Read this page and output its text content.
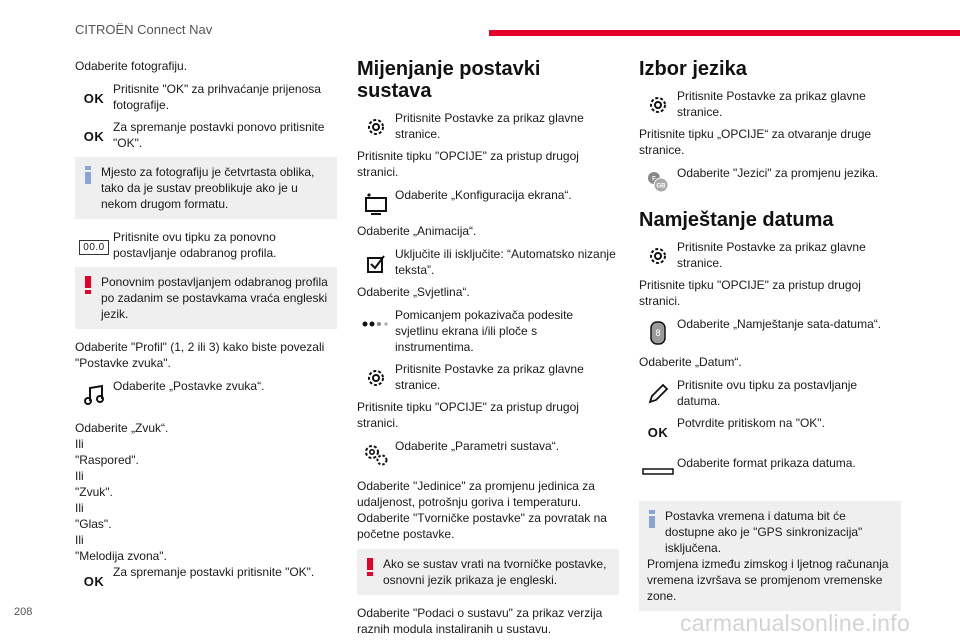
CITROËN Connect Nav

Odaberite fotografiju.

OK
Pritisnite "OK" za prihvaćanje prijenosa fotografije.
OK
Za spremanje postavki ponovo pritisnite "OK".
Mjesto za fotografiju je četvrtasta oblika, tako da je sustav preoblikuje ako je u nekom drugom formatu.
00.0
Pritisnite ovu tipku za ponovno postavljanje odabranog profila.
Ponovnim postavljanjem odabranog profila po zadanim se postavkama vraća engleski jezik.

Odaberite "Profil" (1, 2 ili 3) kako biste povezali "Postavke zvuka".

Odaberite „Postavke zvuka“.

Odaberite „Zvuk“.

Ili

"Raspored".

Ili

"Zvuk".

Ili

"Glas".

Ili

"Melodija zvona".

OK
Za spremanje postavki pritisnite "OK".
Mijenjanje postavki sustava
Pritisnite Postavke za prikaz glavne stranice.

Pritisnite tipku "OPCIJE" za pristup drugoj stranici.

Odaberite „Konfiguracija ekrana“.

Odaberite „Animacija“.

Uključite ili isključite: “Automatsko nizanje teksta”.

Odaberite „Svjetlina“.

Pomicanjem pokazivača podesite svjetlinu ekrana i/ili ploče s instrumentima.
Pritisnite Postavke za prikaz glavne stranice.

Pritisnite tipku "OPCIJE" za pristup drugoj stranici.

Odaberite „Parametri sustava“.

Odaberite "Jedinice" za promjenu jedinica za udaljenost, potrošnju goriva i temperaturu. Odaberite "Tvorničke postavke" za povratak na početne postavke.

Ako se sustav vrati na tvorničke postavke, osnovni jezik prikaza je engleski.

Odaberite "Podaci o sustavu" za prikaz verzija raznih modula instaliranih u sustavu.

Izbor jezika
Pritisnite Postavke za prikaz glavne stranice.

Pritisnite tipku „OPCIJE“ za otvaranje druge stranice.

F
GB
Odaberite "Jezici" za promjenu jezika.
Namještanje datuma
Pritisnite Postavke za prikaz glavne stranice.

Pritisnite tipku "OPCIJE" za pristup drugoj stranici.

8
Odaberite „Namještanje sata-datuma“.

Odaberite „Datum“.

Pritisnite ovu tipku za postavljanje datuma.
OK
Potvrdite pritiskom na "OK".
Odaberite format prikaza datuma.
Postavka vremena i datuma bit će dostupne ako je "GPS sinkronizacija" isključena.
Promjena između zimskog i ljetnog računanja vremena izvršava se promjenom vremenske zone.
208	carmanualsonline.info
